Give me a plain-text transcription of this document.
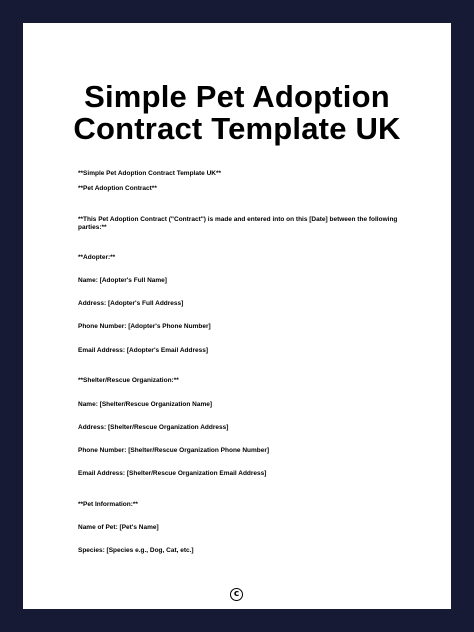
Simple Pet Adoption
Contract Template UK
**Simple Pet Adoption Contract Template UK**
**Pet Adoption Contract**
**This Pet Adoption Contract ("Contract") is made and entered into on this [Date] between the following parties:**
**Adopter:**
Name: [Adopter's Full Name]
Address: [Adopter's Full Address]
Phone Number: [Adopter's Phone Number]
Email Address: [Adopter's Email Address]
**Shelter/Rescue Organization:**
Name: [Shelter/Rescue Organization Name]
Address: [Shelter/Rescue Organization Address]
Phone Number: [Shelter/Rescue Organization Phone Number]
Email Address: [Shelter/Rescue Organization Email Address]
**Pet Information:**
Name of Pet: [Pet's Name]
Species: [Species e.g., Dog, Cat, etc.]
c
